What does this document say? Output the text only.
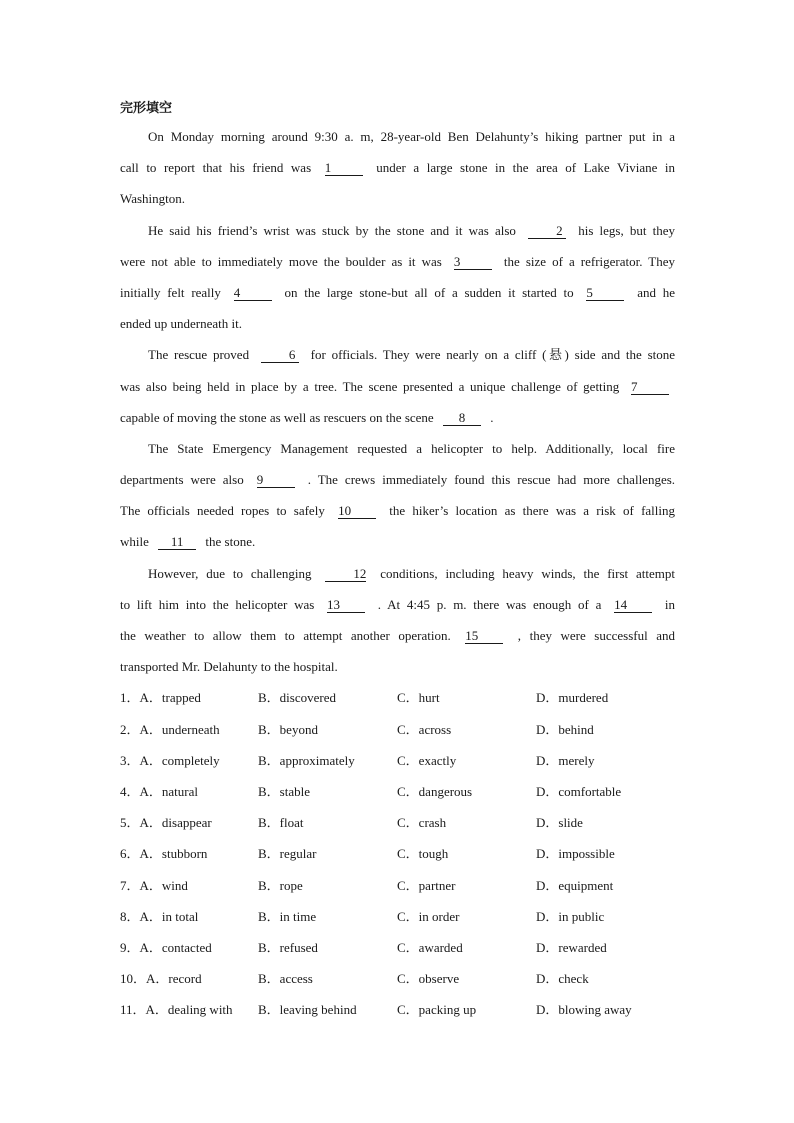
完形填空
On Monday morning around 9:30 a. m, 28-year-old Ben Delahunty’s hiking partner put in a
call to report that his friend was 1	under a large stone in the area of Lake Viviane in
Washington.
He said his friend’s wrist was stuck by the stone and it was also	2 his legs, but they
were not able to immediately move the boulder as it was 3	the size of a refrigerator. They
initially felt really 4	on the large stone-but all of a sudden it started to 5	and he
ended up underneath it.
The rescue proved	6 for officials. They were nearly on a cliff (悬) side and the stone
was also being held in place by a tree. The scene presented a unique challenge of getting 7
capable of moving the stone as well as rescuers on the scene 8 .
The State Emergency Management requested a helicopter to help. Additionally, local fire
departments were also 9	. The crews immediately found this rescue had more challenges.
The officials needed ropes to safely 10	the hiker’s location as there was a risk of falling
while 11 the stone.
However, due to challenging	12 conditions, including heavy winds, the first attempt
to lift him into the helicopter was 13	. At 4:45 p. m. there was enough of a 14	in
the weather to allow them to attempt another operation. 15	, they were successful and
transported Mr. Delahunty to the hospital.
1．A．trapped	B．discovered	C．hurt	D．murdered
2．A．underneath	B．beyond	C．across	D．behind
3．A．completely	B．approximately	C．exactly	D．merely
4．A．natural	B．stable	C．dangerous	D．comfortable
5．A．disappear	B．float	C．crash	D．slide
6．A．stubborn	B．regular	C．tough	D．impossible
7．A．wind	B．rope	C．partner	D．equipment
8．A．in total	B．in time	C．in order	D．in public
9．A．contacted	B．refused	C．awarded	D．rewarded
10．A．record	B．access	C．observe	D．check
11．A．dealing with	B．leaving behind	C．packing up	D．blowing away
